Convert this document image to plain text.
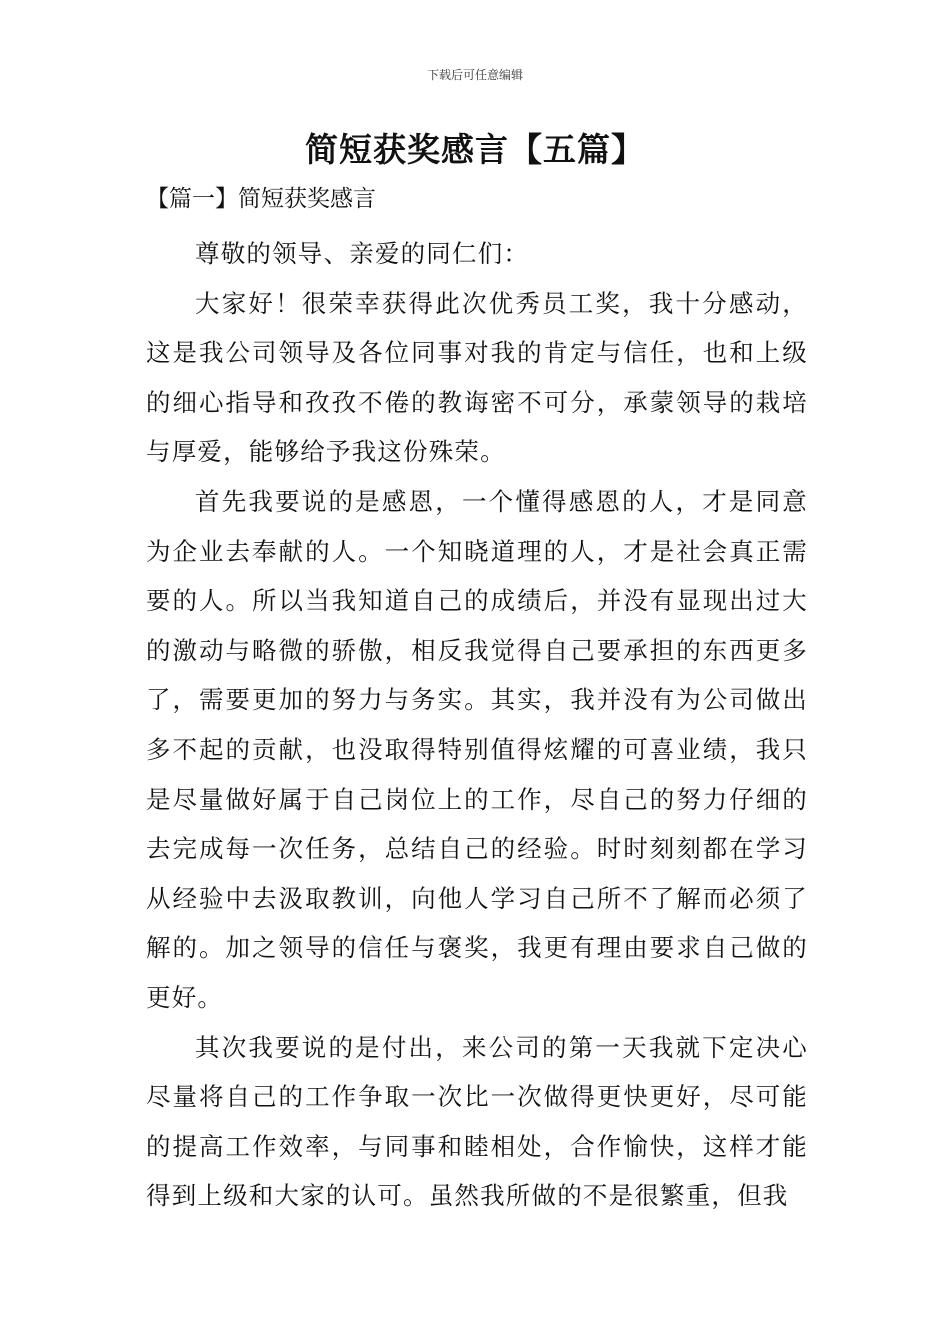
下载后可任意编辑
简短获奖感言【五篇】
【篇一】简短获奖感言

尊敬的领导、亲爱的同仁们：

大家好！很荣幸获得此次优秀员工奖，我十分感动，这是我公司领导及各位同事对我的肯定与信任，也和上级的细心指导和孜孜不倦的教诲密不可分，承蒙领导的栽培与厚爱，能够给予我这份殊荣。

首先我要说的是感恩，一个懂得感恩的人，才是同意为企业去奉献的人。一个知晓道理的人，才是社会真正需要的人。所以当我知道自己的成绩后，并没有显现出过大的激动与略微的骄傲，相反我觉得自己要承担的东西更多了，需要更加的努力与务实。其实，我并没有为公司做出多不起的贡献，也没取得特别值得炫耀的可喜业绩，我只是尽量做好属于自己岗位上的工作，尽自己的努力仔细的去完成每一次任务，总结自己的经验。时时刻刻都在学习从经验中去汲取教训，向他人学习自己所不了解而必须了解的。加之领导的信任与褒奖，我更有理由要求自己做的更好。

其次我要说的是付出，来公司的第一天我就下定决心尽量将自己的工作争取一次比一次做得更快更好，尽可能的提高工作效率，与同事和睦相处，合作愉快，这样才能得到上级和大家的认可。虽然我所做的不是很繁重，但我
